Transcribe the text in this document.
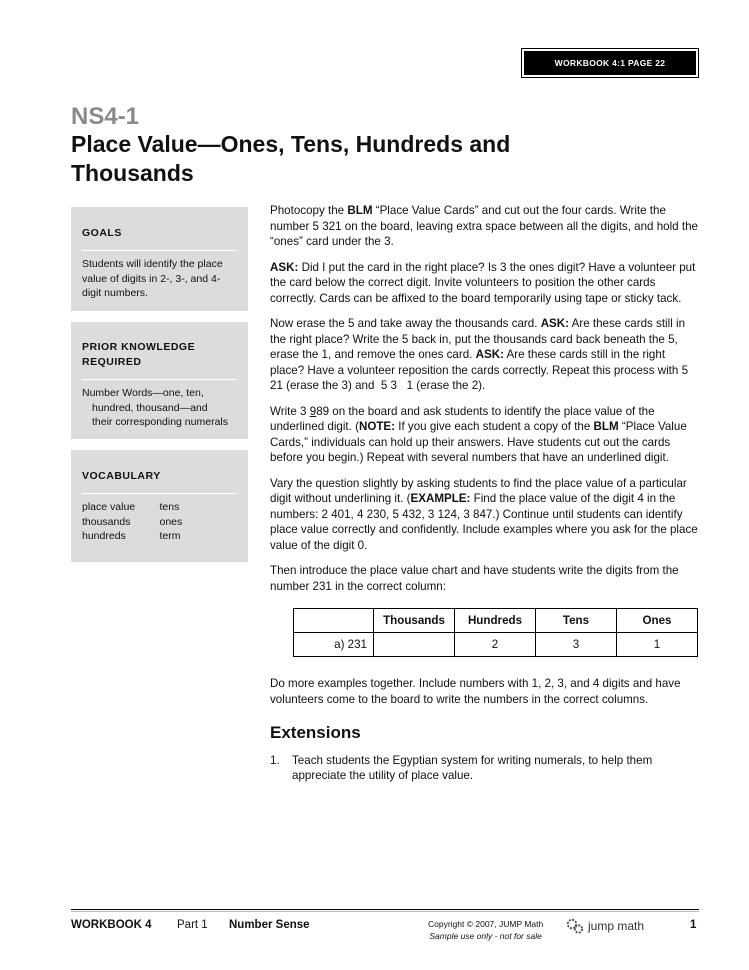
WORKBOOK 4:1 PAGE 22
NS4-1
Place Value—Ones, Tens, Hundreds and Thousands
GOALS
Students will identify the place value of digits in 2-, 3-, and 4-digit numbers.
PRIOR KNOWLEDGE
REQUIRED

Number Words—one, ten,

hundred, thousand—and

their corresponding numerals

VOCABULARY
place value
thousands
hundreds
tens
ones
term

Photocopy the BLM “Place Value Cards” and cut out the four cards. Write the number 5 321 on the board, leaving extra space between all the digits, and hold the “ones” card under the 3.

ASK: Did I put the card in the right place? Is 3 the ones digit? Have a volunteer put the card below the correct digit. Invite volunteers to position the other cards correctly. Cards can be affixed to the board temporarily using tape or sticky tack.

Now erase the 5 and take away the thousands card. ASK: Are these cards still in the right place? Write the 5 back in, put the thousands card back beneath the 5, erase the 1, and remove the ones card. ASK: Are these cards still in the right place? Have a volunteer reposition the cards correctly. Repeat this process with 5   21 (erase the 3) and  5 3   1 (erase the 2).

Write 3 989 on the board and ask students to identify the place value of the underlined digit. (NOTE: If you give each student a copy of the BLM “Place Value Cards,” individuals can hold up their answers. Have students cut out the cards before you begin.) Repeat with several numbers that have an underlined digit.

Vary the question slightly by asking students to find the place value of a particular digit without underlining it. (EXAMPLE: Find the place value of the digit 4 in the numbers: 2 401, 4 230, 5 432, 3 124, 3 847.) Continue until students can identify place value correctly and confidently. Include examples where you ask for the place value of the digit 0.

Then introduce the place value chart and have students write the digits from the number 231 in the correct column:

	Thousands	Hundreds	Tens	Ones
a) 231		2	3	1

Do more examples together. Include numbers with 1, 2, 3, and 4 digits and have volunteers come to the board to write the numbers in the correct columns.

Extensions
1.	Teach students the Egyptian system for writing numerals, to help them appreciate the utility of place value.
WORKBOOK 4 Part 1 Number Sense	Copyright © 2007, JUMP Math
Sample use only - not for sale
jump math	1
